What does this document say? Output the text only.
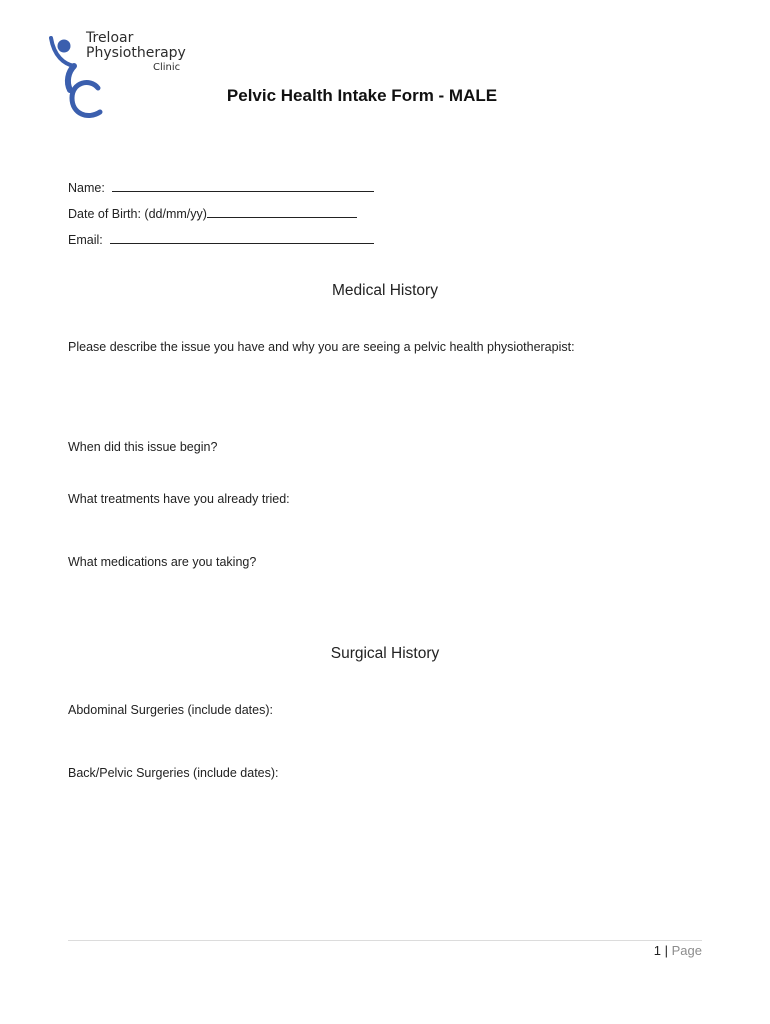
Treloar
Physiotherapy
Clinic
Pelvic Health Intake Form - MALE
Name:
Date of Birth: (dd/mm/yy)
Email:
Medical History
Please describe the issue you have and why you are seeing a pelvic health physiotherapist:
When did this issue begin?
What treatments have you already tried:
What medications are you taking?
Surgical History
Abdominal Surgeries (include dates):
Back/Pelvic Surgeries (include dates):
1 | Page
